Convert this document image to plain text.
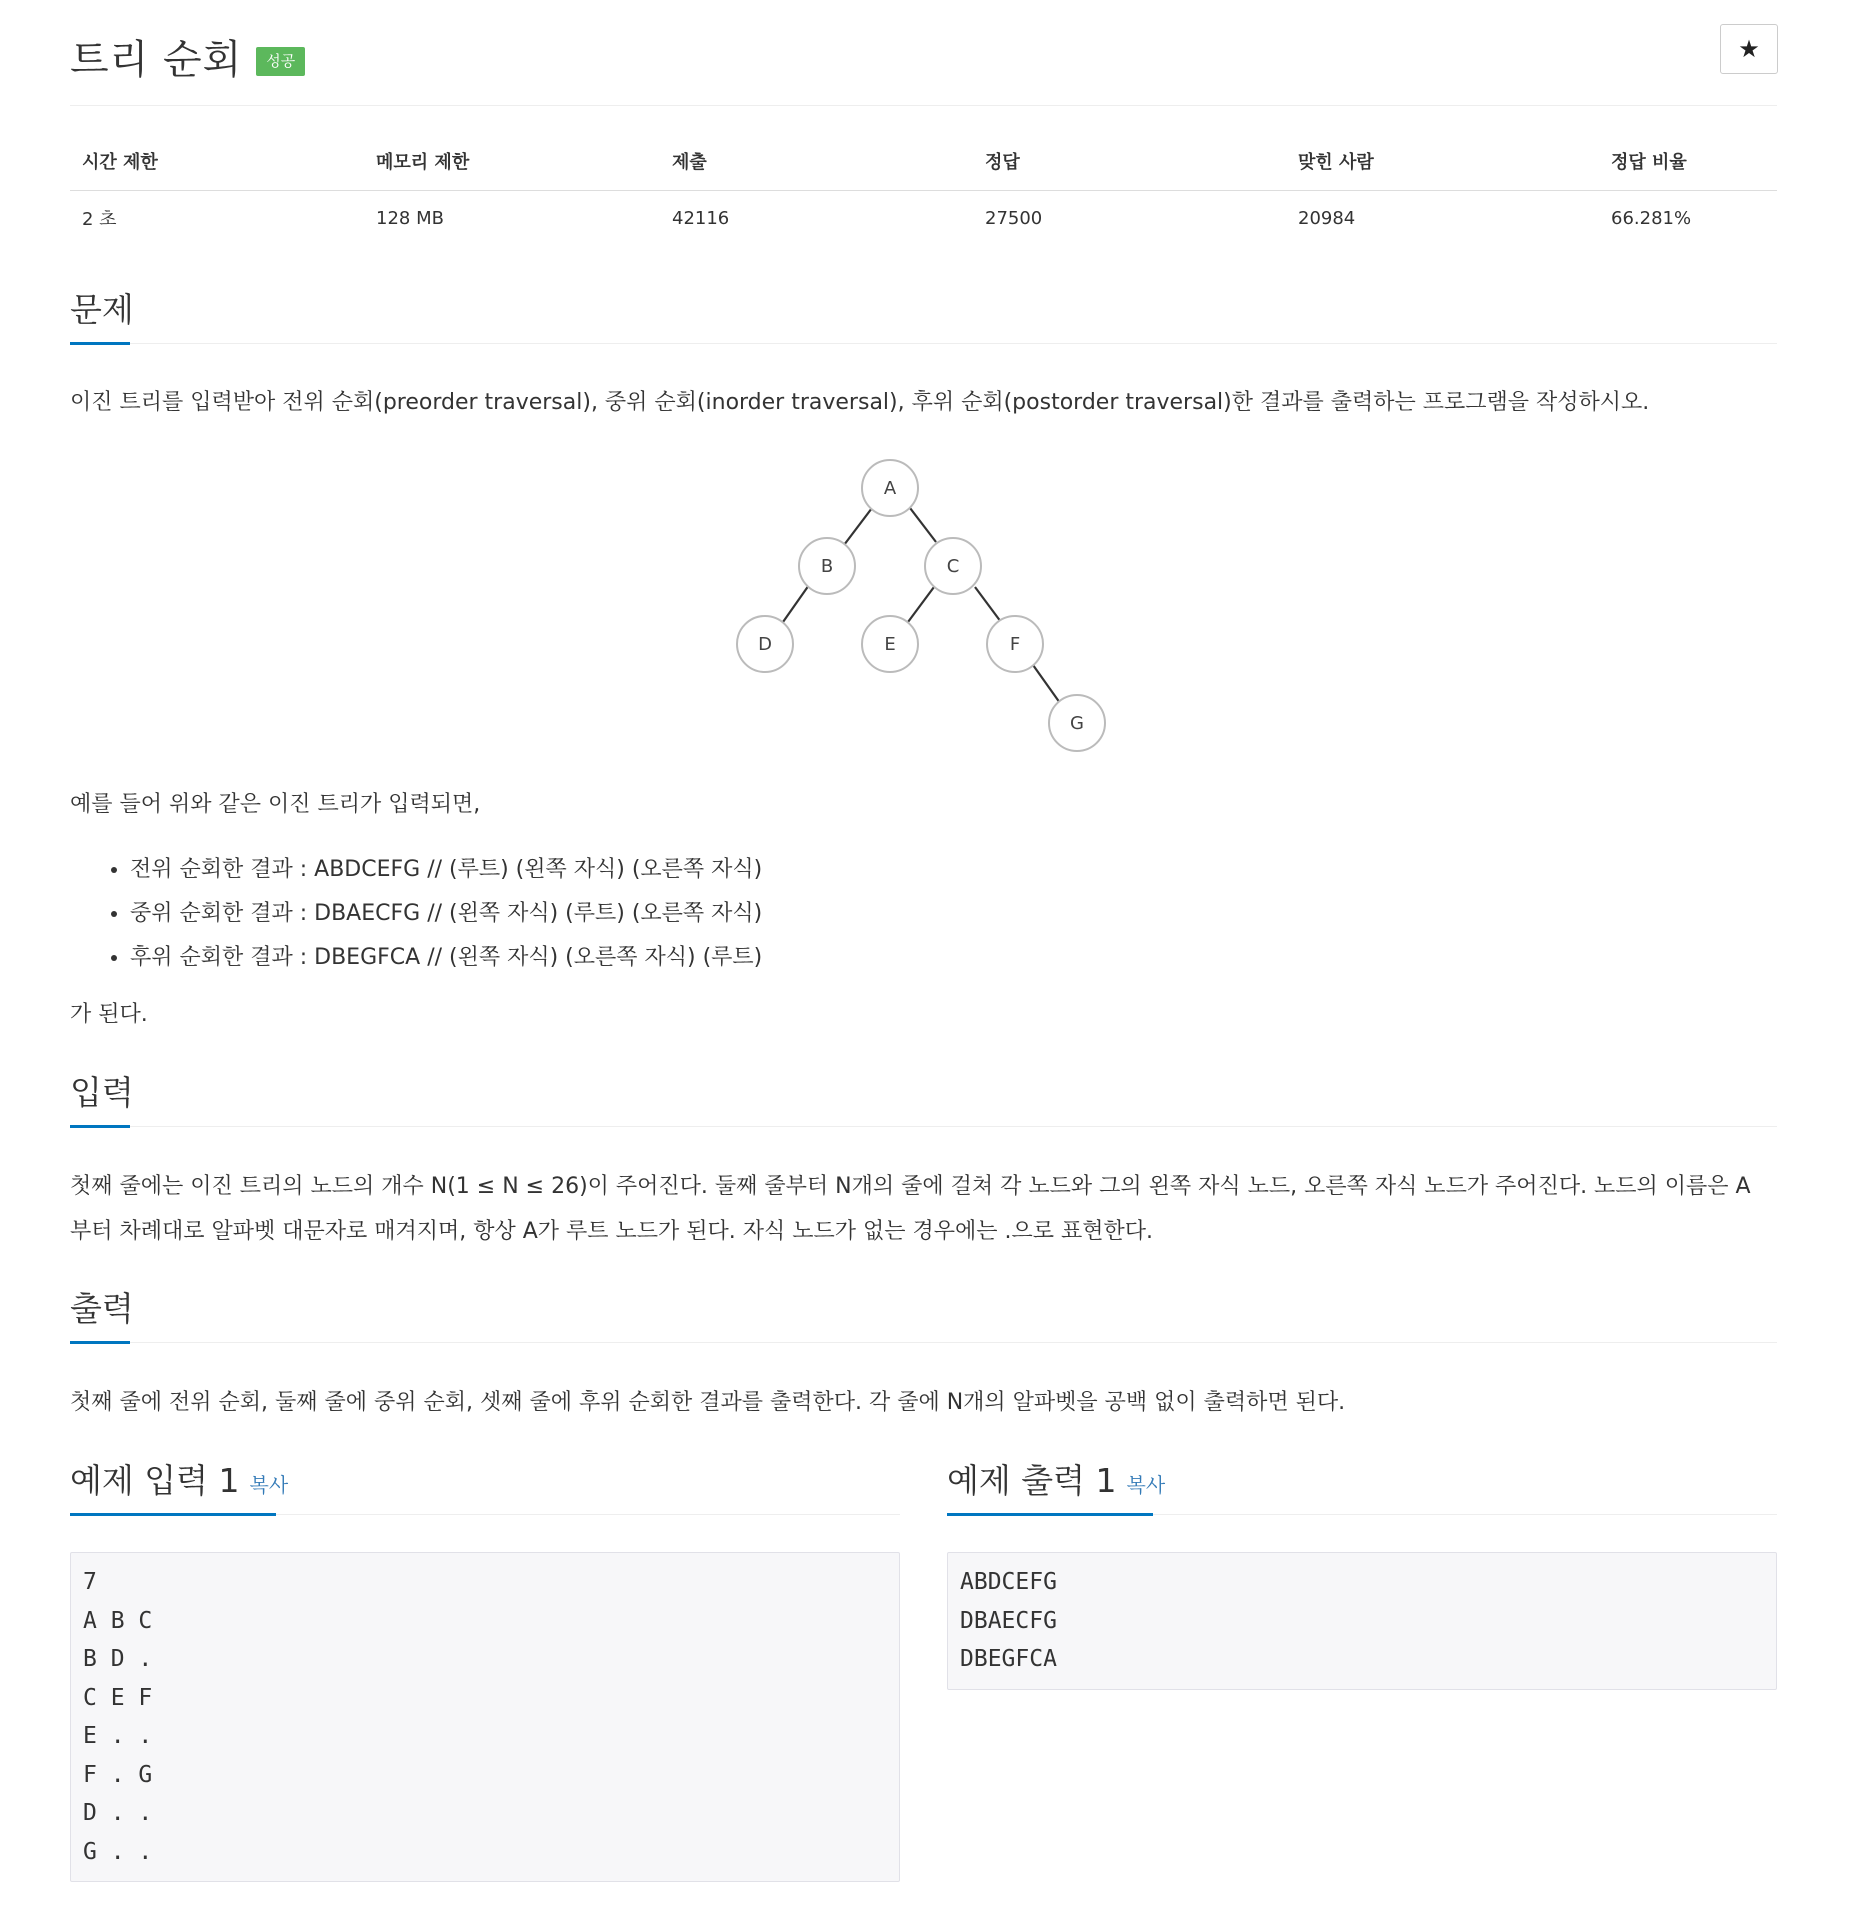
트리 순회	성공	★
시간 제한	메모리 제한	제출	정답	맞힌 사람	정답 비율
2 초	128 MB	42116	27500	20984	66.281%
문제
이진 트리를 입력받아 전위 순회(preorder traversal), 중위 순회(inorder traversal), 후위 순회(postorder traversal)한 결과를 출력하는 프로그램을 작성하시오.
A
B	C
D	E	F
G
예를 들어 위와 같은 이진 트리가 입력되면,
• 전위 순회한 결과 : ABDCEFG // (루트) (왼쪽 자식) (오른쪽 자식)
• 중위 순회한 결과 : DBAECFG // (왼쪽 자식) (루트) (오른쪽 자식)
• 후위 순회한 결과 : DBEGFCA // (왼쪽 자식) (오른쪽 자식) (루트)
가 된다.
입력
첫째 줄에는 이진 트리의 노드의 개수 N(1 ≤ N ≤ 26)이 주어진다. 둘째 줄부터 N개의 줄에 걸쳐 각 노드와 그의 왼쪽 자식 노드, 오른쪽 자식 노드가 주어진다. 노드의 이름은 A
부터 차례대로 알파벳 대문자로 매겨지며, 항상 A가 루트 노드가 된다. 자식 노드가 없는 경우에는 .으로 표현한다.
출력
첫째 줄에 전위 순회, 둘째 줄에 중위 순회, 셋째 줄에 후위 순회한 결과를 출력한다. 각 줄에 N개의 알파벳을 공백 없이 출력하면 된다.
예제 입력 1 복사
7
A B C
B D .
C E F
E . .
F . G
D . .
G . .
예제 출력 1 복사
ABDCEFG
DBAECFG
DBEGFCA
